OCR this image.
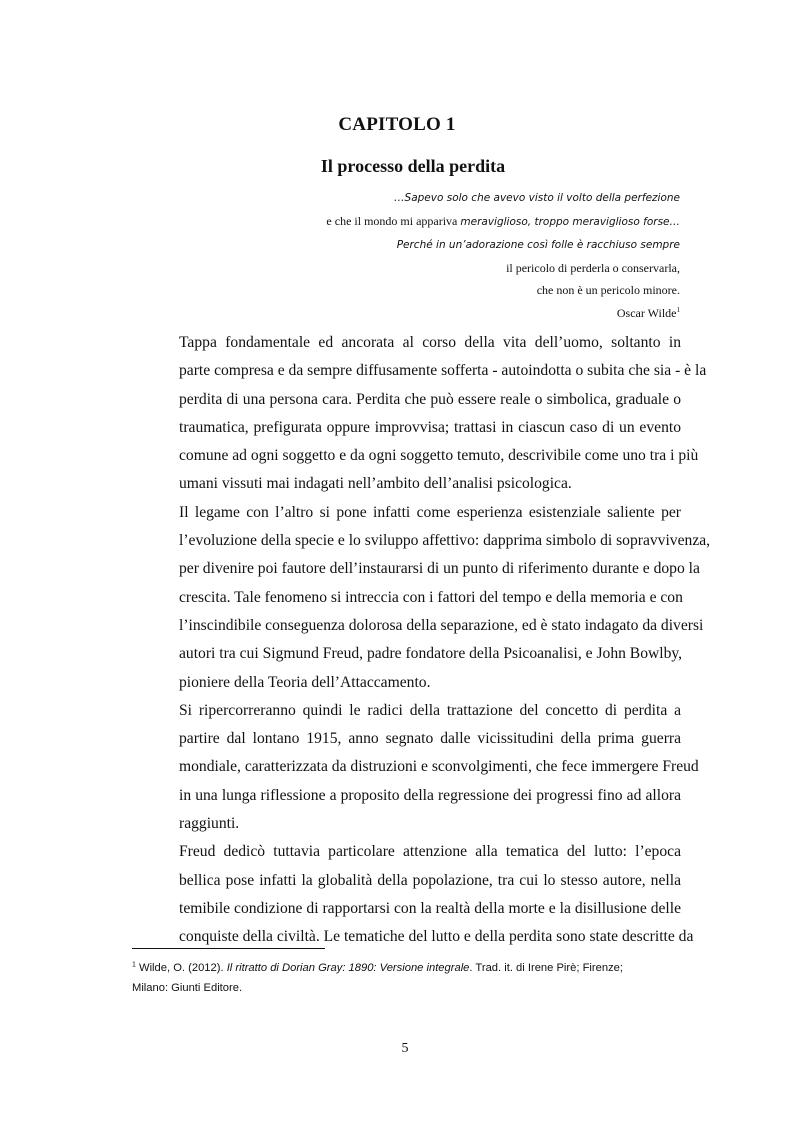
CAPITOLO 1
Il processo della perdita
…Sapevo solo che avevo visto il volto della perfezione
e che il mondo mi appariva meraviglioso, troppo meraviglioso forse…
Perché in un’adorazione così folle è racchiuso sempre
il pericolo di perderla o conservarla,
che non è un pericolo minore.
Oscar Wilde$^1$

Tappa fondamentale ed ancorata al corso della vita dell’uomo, soltanto in
parte compresa e da sempre diffusamente sofferta - autoindotta o subita che sia - è la
perdita di una persona cara. Perdita che può essere reale o simbolica, graduale o
traumatica, prefigurata oppure improvvisa; trattasi in ciascun caso di un evento
comune ad ogni soggetto e da ogni soggetto temuto, descrivibile come uno tra i più
umani vissuti mai indagati nell’ambito dell’analisi psicologica.

Il legame con l’altro si pone infatti come esperienza esistenziale saliente per
l’evoluzione della specie e lo sviluppo affettivo: dapprima simbolo di sopravvivenza,
per divenire poi fautore dell’instaurarsi di un punto di riferimento durante e dopo la
crescita. Tale fenomeno si intreccia con i fattori del tempo e della memoria e con
l’inscindibile conseguenza dolorosa della separazione, ed è stato indagato da diversi
autori tra cui Sigmund Freud, padre fondatore della Psicoanalisi, e John Bowlby,
pioniere della Teoria dell’Attaccamento.

Si ripercorreranno quindi le radici della trattazione del concetto di perdita a
partire dal lontano 1915, anno segnato dalle vicissitudini della prima guerra
mondiale, caratterizzata da distruzioni e sconvolgimenti, che fece immergere Freud
in una lunga riflessione a proposito della regressione dei progressi fino ad allora
raggiunti.

Freud dedicò tuttavia particolare attenzione alla tematica del lutto: l’epoca
bellica pose infatti la globalità della popolazione, tra cui lo stesso autore, nella
temibile condizione di rapportarsi con la realtà della morte e la disillusione delle
conquiste della civiltà. Le tematiche del lutto e della perdita sono state descritte da

$^1$ Wilde, O. (2012). Il ritratto di Dorian Gray: 1890: Versione integrale. Trad. it. di Irene Pirè; Firenze;
Milano: Giunti Editore.
5
